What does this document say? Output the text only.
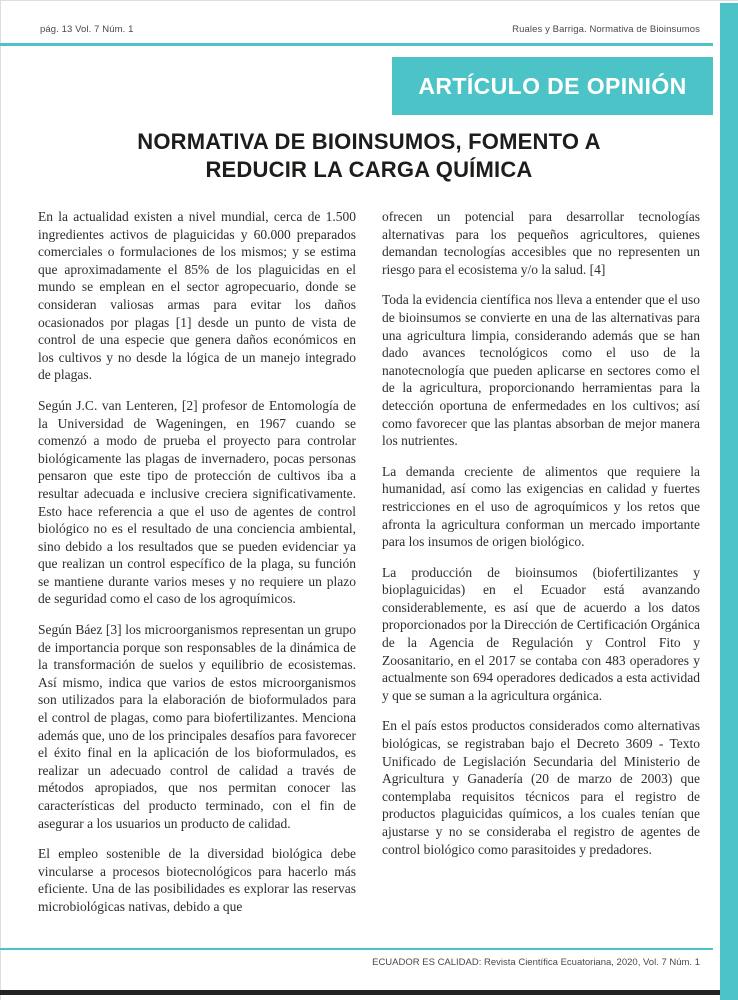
pág. 13 Vol. 7 Núm. 1	Ruales y Barriga. Normativa de Bioinsumos
ARTÍCULO DE OPINIÓN
NORMATIVA DE BIOINSUMOS, FOMENTO A
REDUCIR LA CARGA QUÍMICA

En la actualidad existen a nivel mundial, cerca de 1.500 ingredientes activos de plaguicidas y 60.000 preparados comerciales o formulaciones de los mismos; y se estima que aproximadamente el 85% de los plaguicidas en el mundo se emplean en el sector agropecuario, donde se consideran valiosas armas para evitar los daños ocasionados por plagas [1] desde un punto de vista de control de una especie que genera daños económicos en los cultivos y no desde la lógica de un manejo integrado de plagas.

Según J.C. van Lenteren, [2] profesor de Entomología de la Universidad de Wageningen, en 1967 cuando se comenzó a modo de prueba el proyecto para controlar biológicamente las plagas de invernadero, pocas personas pensaron que este tipo de protección de cultivos iba a resultar adecuada e inclusive creciera significativamente. Esto hace referencia a que el uso de agentes de control biológico no es el resultado de una conciencia ambiental, sino debido a los resultados que se pueden evidenciar ya que realizan un control específico de la plaga, su función se mantiene durante varios meses y no requiere un plazo de seguridad como el caso de los agroquímicos.

Según Báez [3] los microorganismos representan un grupo de importancia porque son responsables de la dinámica de la transformación de suelos y equilibrio de ecosistemas. Así mismo, indica que varios de estos microorganismos son utilizados para la elaboración de bioformulados para el control de plagas, como para biofertilizantes. Menciona además que, uno de los principales desafíos para favorecer el éxito final en la aplicación de los bioformulados, es realizar un adecuado control de calidad a través de métodos apropiados, que nos permitan conocer las características del producto terminado, con el fin de asegurar a los usuarios un producto de calidad.

El empleo sostenible de la diversidad biológica debe vincularse a procesos biotecnológicos para hacerlo más eficiente. Una de las posibilidades es explorar las reservas microbiológicas nativas, debido a que

ofrecen un potencial para desarrollar tecnologías alternativas para los pequeños agricultores, quienes demandan tecnologías accesibles que no representen un riesgo para el ecosistema y/o la salud. [4]

Toda la evidencia científica nos lleva a entender que el uso de bioinsumos se convierte en una de las alternativas para una agricultura limpia, considerando además que se han dado avances tecnológicos como el uso de la nanotecnología que pueden aplicarse en sectores como el de la agricultura, proporcionando herramientas para la detección oportuna de enfermedades en los cultivos; así como favorecer que las plantas absorban de mejor manera los nutrientes.

La demanda creciente de alimentos que requiere la humanidad, así como las exigencias en calidad y fuertes restricciones en el uso de agroquímicos y los retos que afronta la agricultura conforman un mercado importante para los insumos de origen biológico.

La producción de bioinsumos (biofertilizantes y bioplaguicidas) en el Ecuador está avanzando considerablemente, es así que de acuerdo a los datos proporcionados por la Dirección de Certificación Orgánica de la Agencia de Regulación y Control Fito y Zoosanitario, en el 2017 se contaba con 483 operadores y actualmente son 694 operadores dedicados a esta actividad y que se suman a la agricultura orgánica.

En el país estos productos considerados como alternativas biológicas, se registraban bajo el Decreto 3609 - Texto Unificado de Legislación Secundaria del Ministerio de Agricultura y Ganadería (20 de marzo de 2003) que contemplaba requisitos técnicos para el registro de productos plaguicidas químicos, a los cuales tenían que ajustarse y no se consideraba el registro de agentes de control biológico como parasitoides y predadores.

ECUADOR ES CALIDAD: Revista Científica Ecuatoriana, 2020, Vol. 7 Núm. 1
